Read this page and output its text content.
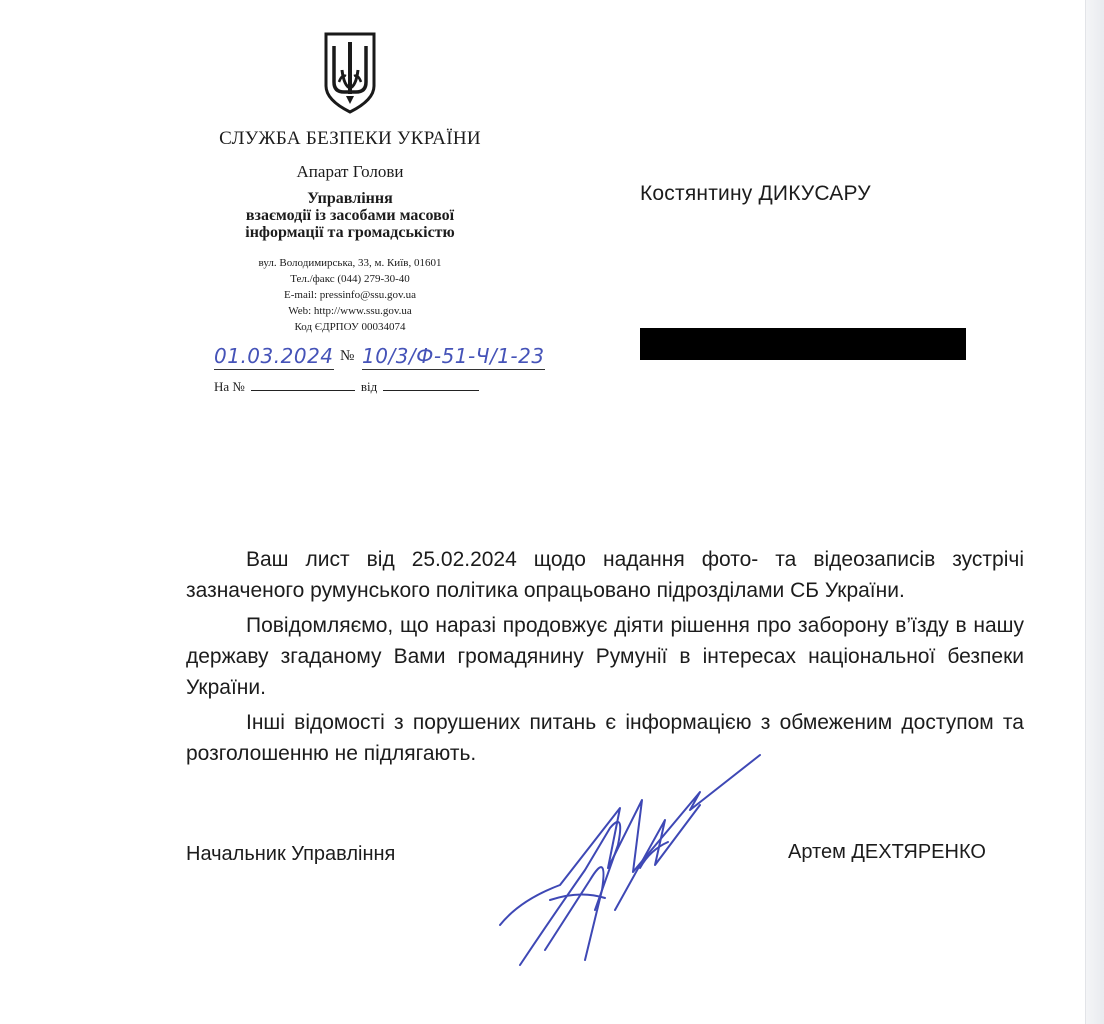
СЛУЖБА БЕЗПЕКИ УКРАЇНИ
Апарат Голови
Управління
взаємодії із засобами масової
інформації та громадськістю
вул. Володимирська, 33, м. Київ, 01601
Тел./факс (044) 279-30-40
E-mail: pressinfo@ssu.gov.ua
Web: http://www.ssu.gov.ua
Код ЄДРПОУ 00034074
01.03.2024 № 10/3/Ф-51-Ч/1-23
На №	від
Костянтину ДИКУСАРУ

Ваш лист від 25.02.2024 щодо надання фото- та відеозаписів зустрічі зазначеного румунського політика опрацьовано підрозділами СБ України.

Повідомляємо, що наразі продовжує діяти рішення про заборону в’їзду в нашу державу згаданому Вами громадянину Румунії в інтересах національної безпеки України.

Інші відомості з порушених питань є інформацією з обмеженим доступом та розголошенню не підлягають.

Начальник Управління	Артем ДЕХТЯРЕНКО
